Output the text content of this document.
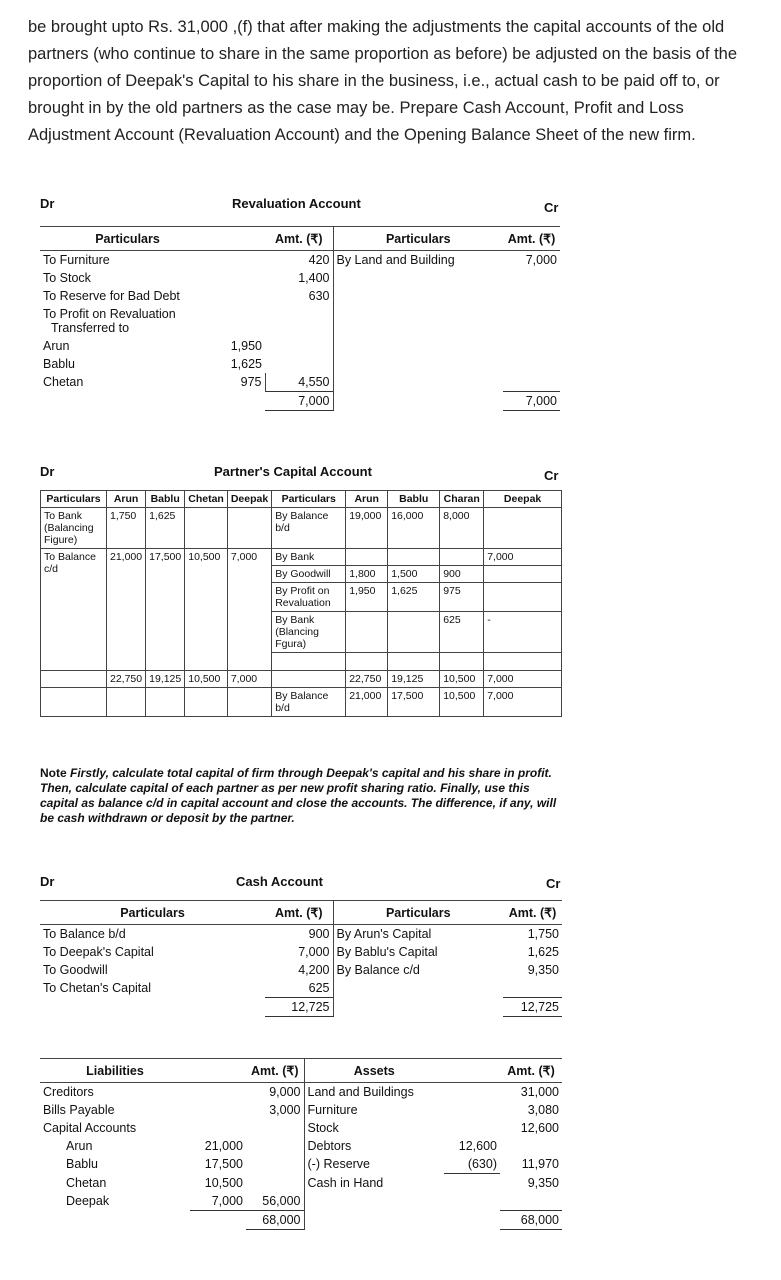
be brought upto Rs. 31,000 ,(f) that after making the adjustments the capital accounts of the old partners (who continue to share in the same proportion as before) be adjusted on the basis of the proportion of Deepak's Capital to his share in the business, i.e., actual cash to be paid off to, or brought in by the old partners as the case may be. Prepare Cash Account, Profit and Loss Adjustment Account (Revaluation Account) and the Opening Balance Sheet of the new firm.
Dr	Revaluation Account	Cr
Particulars		Amt. (₹)	Particulars	Amt. (₹)
To Furniture		420	By Land and Building	7,000
To Stock		1,400		
To Reserve for Bad Debt		630		
To Profit on Revaluation
Transferred to				
Arun	1,950			
Bablu	1,625			
Chetan	975	4,550		
		7,000		7,000
Dr	Partner's Capital Account	Cr
Particulars	Arun	Bablu	Chetan	Deepak	Particulars	Arun	Bablu	Charan	Deepak
To Bank (Balancing Figure)	1,750	1,625			By Balance b/d	19,000	16,000	8,000	
To Balance c/d	21,000	17,500	10,500	7,000	By Bank				7,000
					By Goodwill	1,800	1,500	900	
					By Profit on Revaluation	1,950	1,625	975	
					By Bank (Blancing Fgura)			625	-

	22,750	19,125	10,500	7,000		22,750	19,125	10,500	7,000
					By Balance b/d	21,000	17,500	10,500	7,000
Note Firstly, calculate total capital of firm through Deepak's capital and his share in profit. Then, calculate capital of each partner as per new profit sharing ratio. Finally, use this capital as balance c/d in capital account and close the accounts. The difference, if any, will be cash withdrawn or deposit by the partner.
Dr	Cash Account	Cr
Particulars	Amt. (₹)	Particulars	Amt. (₹)
To Balance b/d	900	By Arun's Capital	1,750
To Deepak's Capital	7,000	By Bablu's Capital	1,625
To Goodwill	4,200	By Balance c/d	9,350
To Chetan's Capital	625		
	12,725		12,725
Liabilities		Amt. (₹)	Assets		Amt. (₹)
Creditors		9,000	Land and Buildings		31,000
Bills Payable		3,000	Furniture		3,080
Capital Accounts			Stock		12,600
Arun	21,000		Debtors	12,600	
Bablu	17,500		(-) Reserve	(630)	11,970
Chetan	10,500		Cash in Hand		9,350
Deepak	7,000	56,000			
		68,000			68,000
